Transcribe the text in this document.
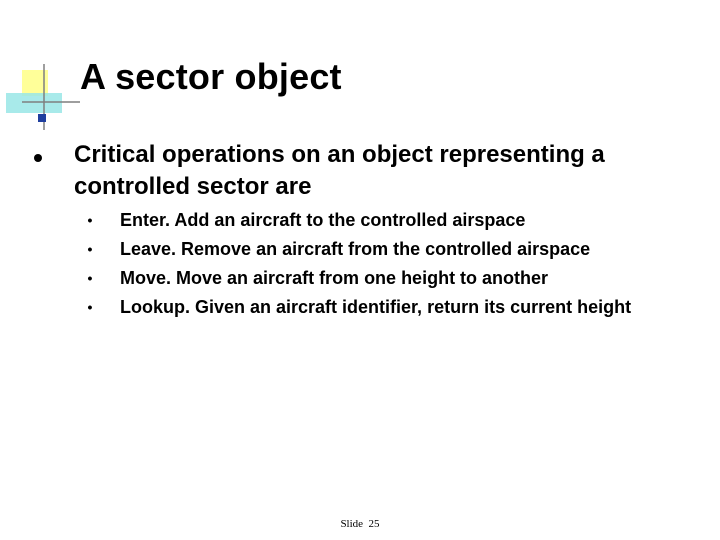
A sector object
Critical operations on an object representing a controlled sector are
• Enter. Add an aircraft to the controlled airspace
• Leave. Remove an aircraft from the controlled airspace
• Move. Move an aircraft from one height to another
• Lookup. Given an aircraft identifier, return its current height
Slide  25
